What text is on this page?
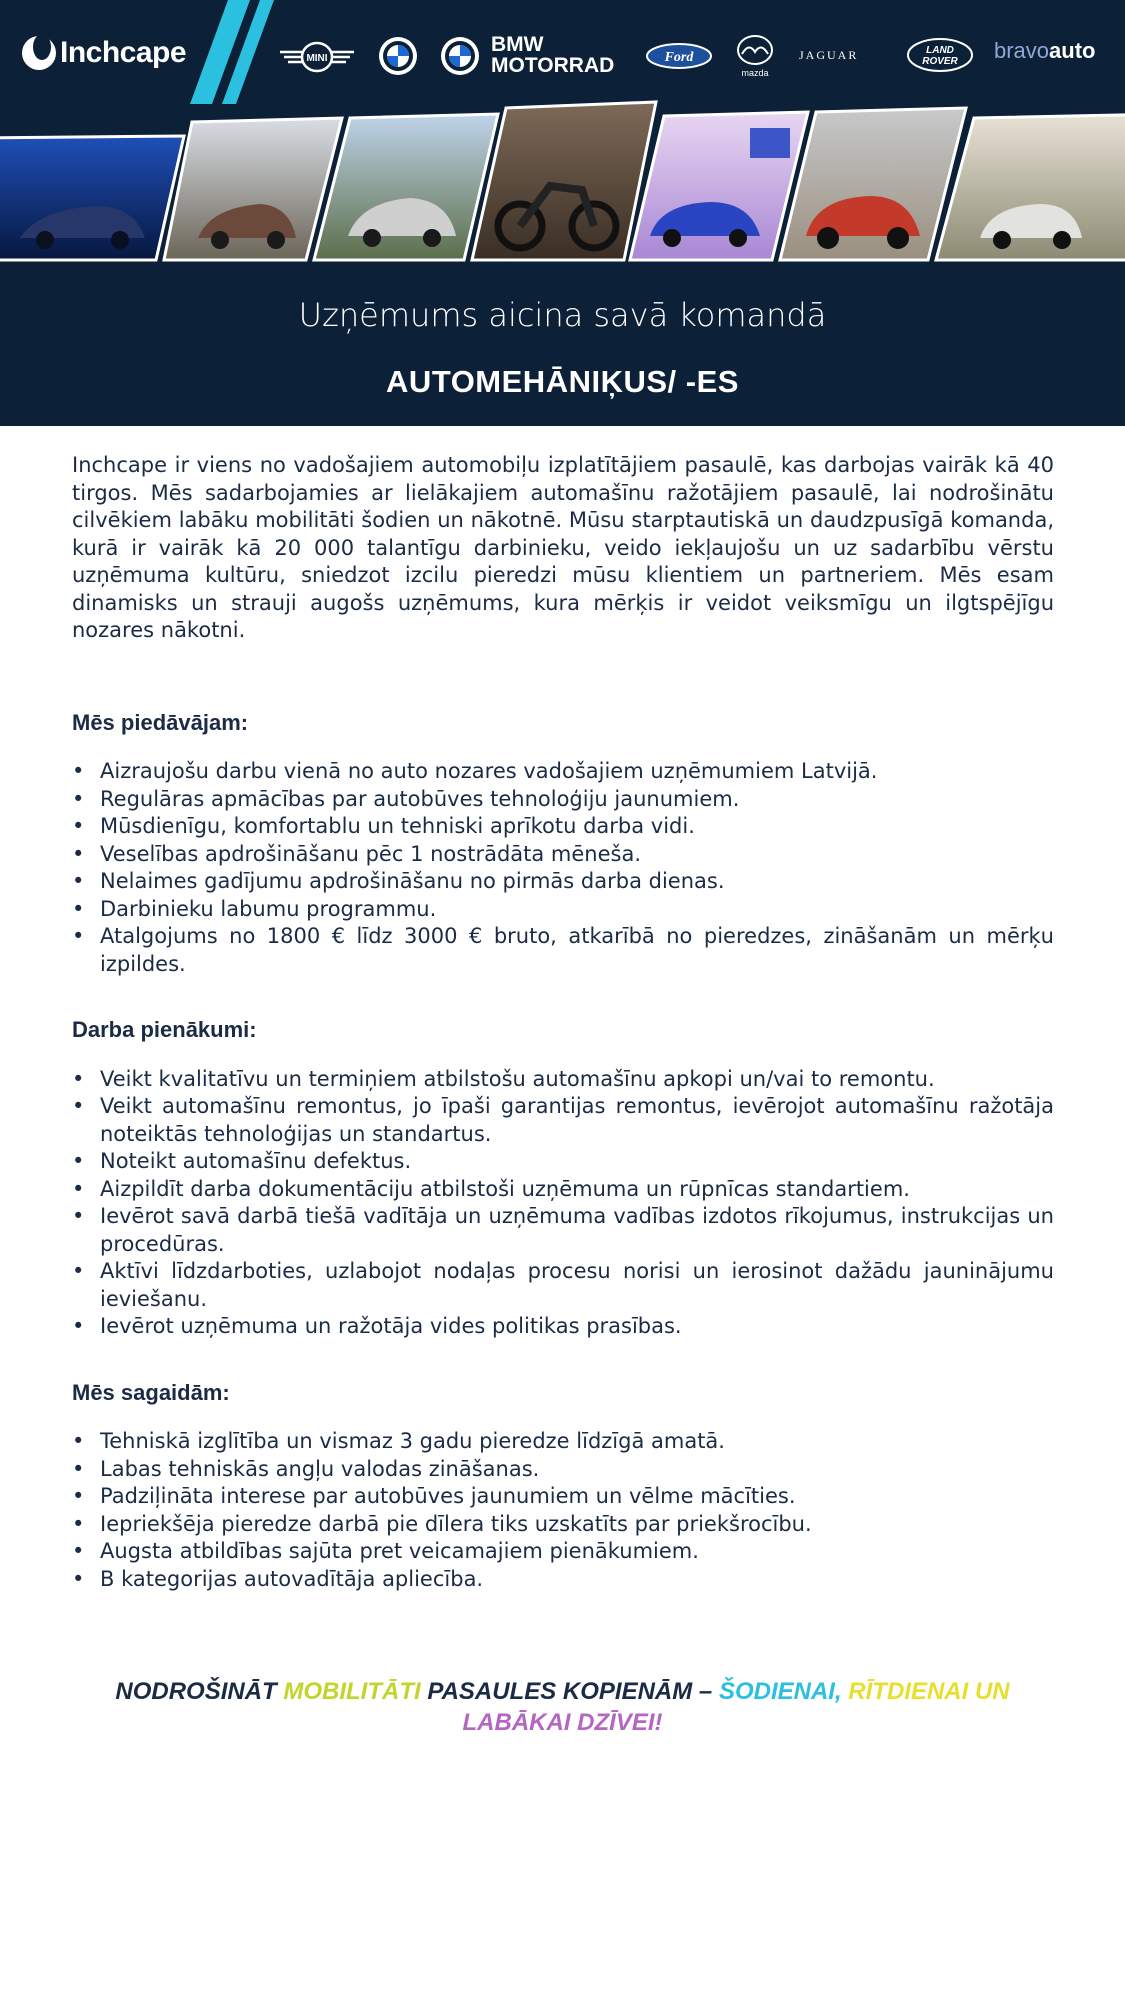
Inchcape	MINI
BMW
MOTORRAD	Ford
mazda
JAGUAR	LAND
ROVER bravoauto
Uzņēmums aicina savā komandā
AUTOMEHĀNIĶUS/ -ES

Inchcape ir viens no vadošajiem automobiļu izplatītājiem pasaulē, kas darbojas vairāk kā 40 tirgos. Mēs sadarbojamies ar lielākajiem automašīnu ražotājiem pasaulē, lai nodrošinātu cilvēkiem labāku mobilitāti šodien un nākotnē. Mūsu starptautiskā un daudzpusīgā komanda, kurā ir vairāk kā 20 000 talantīgu darbinieku, veido iekļaujošu un uz sadarbību vērstu uzņēmuma kultūru, sniedzot izcilu pieredzi mūsu klientiem un partneriem. Mēs esam dinamisks un strauji augošs uzņēmums, kura mērķis ir veidot veiksmīgu un ilgtspējīgu nozares nākotni.

Mēs piedāvājam:
• Aizraujošu darbu vienā no auto nozares vadošajiem uzņēmumiem Latvijā.
• Regulāras apmācības par autobūves tehnoloģiju jaunumiem.
• Mūsdienīgu, komfortablu un tehniski aprīkotu darba vidi.
• Veselības apdrošināšanu pēc 1 nostrādāta mēneša.
• Nelaimes gadījumu apdrošināšanu no pirmās darba dienas.
• Darbinieku labumu programmu.
• Atalgojums no 1800 € līdz 3000 € bruto, atkarībā no pieredzes, zināšanām un mērķu izpildes.
Darba pienākumi:
• Veikt kvalitatīvu un termiņiem atbilstošu automašīnu apkopi un/vai to remontu.
• Veikt automašīnu remontus, jo īpaši garantijas remontus, ievērojot automašīnu ražotāja noteiktās tehnoloģijas un standartus.
• Noteikt automašīnu defektus.
• Aizpildīt darba dokumentāciju atbilstoši uzņēmuma un rūpnīcas standartiem.
• Ievērot savā darbā tiešā vadītāja un uzņēmuma vadības izdotos rīkojumus, instrukcijas un procedūras.
• Aktīvi līdzdarboties, uzlabojot nodaļas procesu norisi un ierosinot dažādu jauninājumu ieviešanu.
• Ievērot uzņēmuma un ražotāja vides politikas prasības.
Mēs sagaidām:
• Tehniskā izglītība un vismaz 3 gadu pieredze līdzīgā amatā.
• Labas tehniskās angļu valodas zināšanas.
• Padziļināta interese par autobūves jaunumiem un vēlme mācīties.
• Iepriekšēja pieredze darbā pie dīlera tiks uzskatīts par priekšrocību.
• Augsta atbildības sajūta pret veicamajiem pienākumiem.
• B kategorijas autovadītāja apliecība.
NODROŠINĀT MOBILITĀTI PASAULES KOPIENĀM – ŠODIENAI, RĪTDIENAI UN
LABĀKAI DZĪVEI!
